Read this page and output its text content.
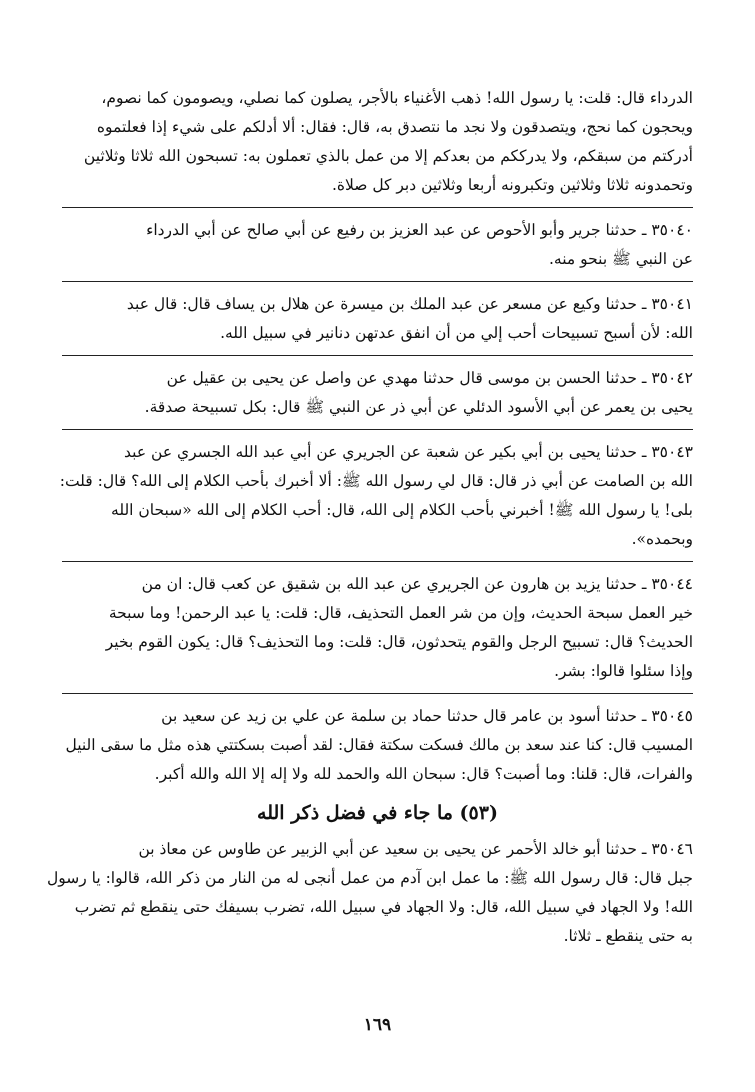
الدرداء قال: قلت: يا رسول الله! ذهب الأغنياء بالأجر، يصلون كما نصلي، ويصومون كما نصوم،
ويحجون كما نحج، ويتصدقون ولا نجد ما نتصدق به، قال: فقال: ألا أدلكم على شيء إذا فعلتموه
أدركتم من سبقكم، ولا يدرككم من بعدكم إلا من عمل بالذي تعملون به: تسبحون الله ثلاثا وثلاثين
وتحمدونه ثلاثا وثلاثين وتكبرونه أربعا وثلاثين دبر كل صلاة.
٣٥٠٤٠ ـ حدثنا جرير وأبو الأحوص عن عبد العزيز بن رفيع عن أبي صالح عن أبي الدرداء
عن النبي ﷺ بنحو منه.
٣٥٠٤١ ـ حدثنا وكيع عن مسعر عن عبد الملك بن ميسرة عن هلال بن يساف قال: قال عبد
الله: لأن أسبح تسبيحات أحب إلي من أن انفق عدتهن دنانير في سبيل الله.
٣٥٠٤٢ ـ حدثنا الحسن بن موسى قال حدثنا مهدي عن واصل عن يحيى بن عقيل عن
يحيى بن يعمر عن أبي الأسود الدئلي عن أبي ذر عن النبي ﷺ قال: بكل تسبيحة صدقة.
٣٥٠٤٣ ـ حدثنا يحيى بن أبي بكير عن شعبة عن الجريري عن أبي عبد الله الجسري عن عبد
الله بن الصامت عن أبي ذر قال: قال لي رسول الله ﷺ: ألا أخبرك بأحب الكلام إلى الله؟ قال: قلت:
بلى! يا رسول الله ﷺ! أخبرني بأحب الكلام إلى الله، قال: أحب الكلام إلى الله «سبحان الله
وبحمده».
٣٥٠٤٤ ـ حدثنا يزيد بن هارون عن الجريري عن عبد الله بن شقيق عن كعب قال: ان من
خير العمل سبحة الحديث، وإن من شر العمل التحذيف، قال: قلت: يا عبد الرحمن! وما سبحة
الحديث؟ قال: تسبيح الرجل والقوم يتحدثون، قال: قلت: وما التحذيف؟ قال: يكون القوم بخير
وإذا سئلوا قالوا: بشر.
٣٥٠٤٥ ـ حدثنا أسود بن عامر قال حدثنا حماد بن سلمة عن علي بن زيد عن سعيد بن
المسيب قال: كنا عند سعد بن مالك فسكت سكتة فقال: لقد أصبت بسكتتي هذه مثل ما سقى النيل
والفرات، قال: قلنا: وما أصبت؟ قال: سبحان الله والحمد لله ولا إله إلا الله والله أكبر.
(٥٣) ما جاء في فضل ذكر الله
٣٥٠٤٦ ـ حدثنا أبو خالد الأحمر عن يحيى بن سعيد عن أبي الزبير عن طاوس عن معاذ بن
جبل قال: قال رسول الله ﷺ: ما عمل ابن آدم من عمل أنجى له من النار من ذكر الله، قالوا: يا رسول
الله! ولا الجهاد في سبيل الله، قال: ولا الجهاد في سبيل الله، تضرب بسيفك حتى ينقطع ثم تضرب
به حتى ينقطع ـ ثلاثا.
١٦٩
